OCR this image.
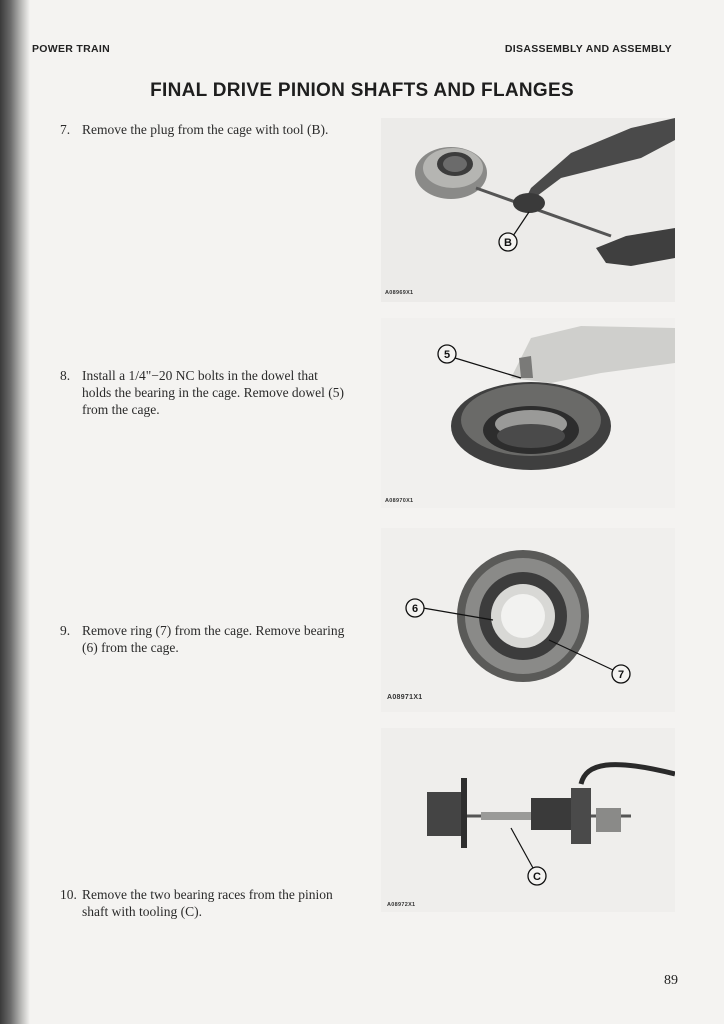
POWER TRAIN	DISASSEMBLY AND ASSEMBLY
FINAL DRIVE PINION SHAFTS AND FLANGES
7. Remove the plug from the cage with tool (B).
B
A08969X1
8. Install a 1/4"−20 NC bolts in the dowel that holds the bearing in the cage. Remove dowel (5) from the cage.
5
A08970X1
9. Remove ring (7) from the cage. Remove bearing (6) from the cage.
6
7
A08971X1
10. Remove the two bearing races from the pinion shaft with tooling (C).
C
A08972X1
89
